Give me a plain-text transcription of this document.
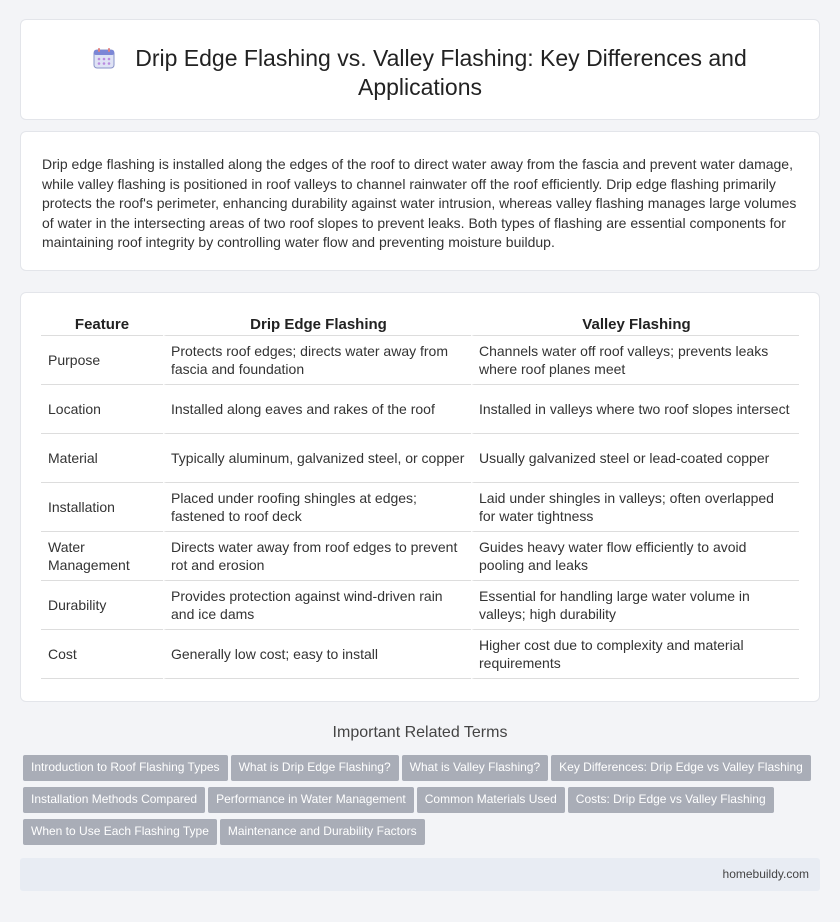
Drip Edge Flashing vs. Valley Flashing: Key Differences and Applications

Drip edge flashing is installed along the edges of the roof to direct water away from the fascia and prevent water damage, while valley flashing is positioned in roof valleys to channel rainwater off the roof efficiently. Drip edge flashing primarily protects the roof's perimeter, enhancing durability against water intrusion, whereas valley flashing manages large volumes of water in the intersecting areas of two roof slopes to prevent leaks. Both types of flashing are essential components for maintaining roof integrity by controlling water flow and preventing moisture buildup.

Feature	Drip Edge Flashing	Valley Flashing
Purpose	Protects roof edges; directs water away from fascia and foundation	Channels water off roof valleys; prevents leaks where roof planes meet
Location	Installed along eaves and rakes of the roof	Installed in valleys where two roof slopes intersect
Material	Typically aluminum, galvanized steel, or copper	Usually galvanized steel or lead-coated copper
Installation	Placed under roofing shingles at edges; fastened to roof deck	Laid under shingles in valleys; often overlapped for water tightness
Water Management	Directs water away from roof edges to prevent rot and erosion	Guides heavy water flow efficiently to avoid pooling and leaks
Durability	Provides protection against wind-driven rain and ice dams	Essential for handling large water volume in valleys; high durability
Cost	Generally low cost; easy to install	Higher cost due to complexity and material requirements
Important Related Terms
Introduction to Roof Flashing Types	What is Drip Edge Flashing?	What is Valley Flashing?	Key Differences: Drip Edge vs Valley Flashing
Installation Methods Compared	Performance in Water Management	Common Materials Used	Costs: Drip Edge vs Valley Flashing
When to Use Each Flashing Type	Maintenance and Durability Factors
homebuildy.com
